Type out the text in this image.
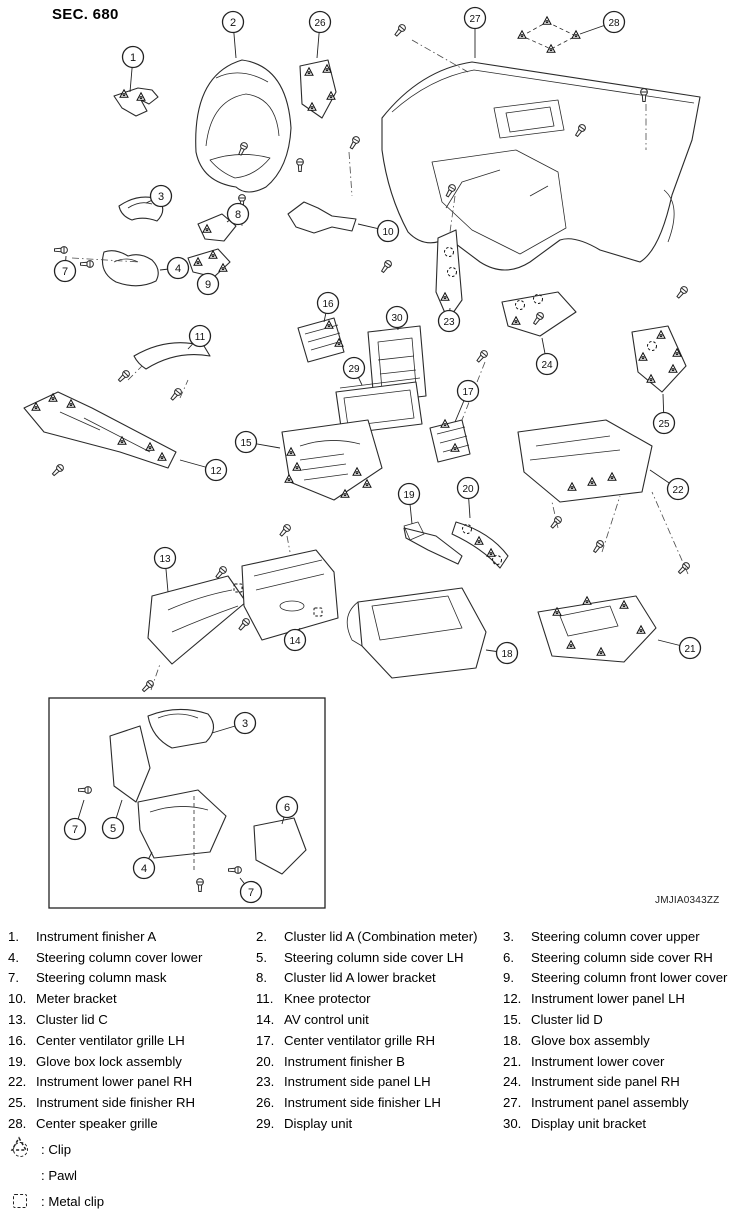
SEC. 680
1
2	26	27	28
3
8
7	4
9
10
16
30	23
24
25
11
29
17
15
12
22
19
20
13
14
18	21
3
7	5
4
6
7
JMJIA0343ZZ
1.	Instrument finisher A	2.	Cluster lid A (Combination meter) 3.	Steering column cover upper
4.	Steering column cover lower	5.	Steering column side cover LH	6.	Steering column side cover RH
7.	Steering column mask	8.	Cluster lid A lower bracket	9.	Steering column front lower cover
10. Meter bracket	11. Knee protector	12. Instrument lower panel LH
13. Cluster lid C	14. AV control unit	15. Cluster lid D
16. Center ventilator grille LH	17. Center ventilator grille RH	18. Glove box assembly
19. Glove box lock assembly	20. Instrument finisher B	21. Instrument lower cover
22. Instrument lower panel RH	23. Instrument side panel LH	24. Instrument side panel RH
25. Instrument side finisher RH	26. Instrument side finisher LH	27. Instrument panel assembly
28. Center speaker grille	29. Display unit	30. Display unit bracket
: Clip
: Pawl
: Metal clip
